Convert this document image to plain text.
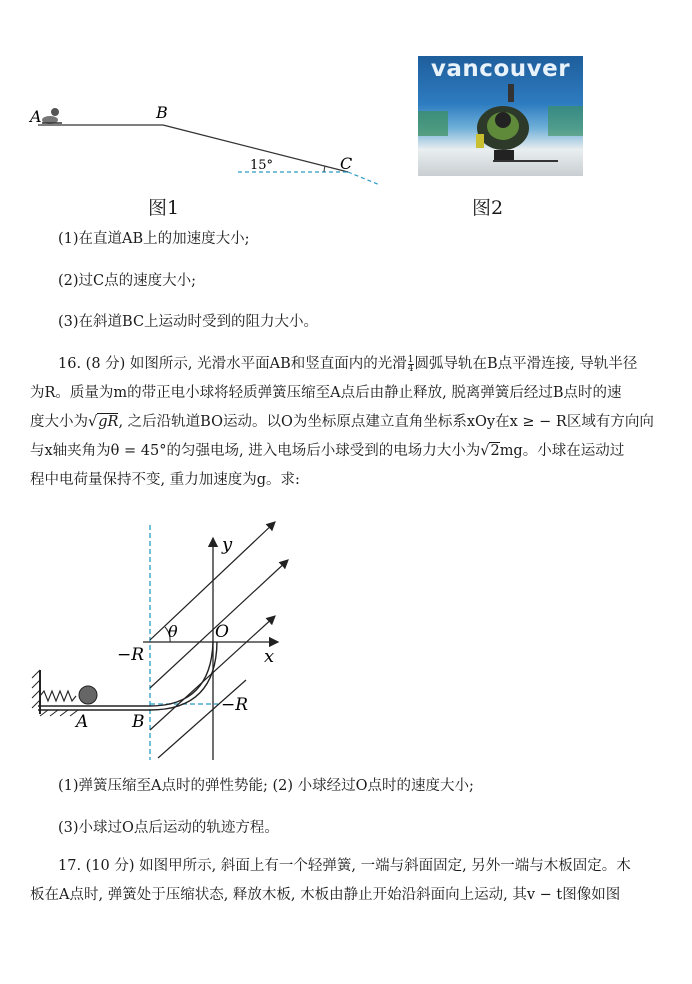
A	B
C
15°
图1
vancouver
图2
(1)在直道AB上的加速度大小;
(2)过C点的速度大小;
(3)在斜道BC上运动时受到的阻力大小。
16. (8 分) 如图所示, 光滑水平面AB和竖直面内的光滑 $\frac{1}{4}$ 圆弧导轨在B点平滑连接, 导轨半径
为R。质量为m的带正电小球将轻质弹簧压缩至A点后由静止释放, 脱离弹簧后经过B点时的速
度大小为√gR, 之后沿轨道BO运动。以O为坐标原点建立直角坐标系xOy在x ≥ − R区域有方向向
与x轴夹角为θ = 45°的匀强电场, 进入电场后小球受到的电场力大小为√2mg。小球在运动过
程中电荷量保持不变, 重力加速度为g。求:
y
x
O
θ
−R
−R
A	B
(1)弹簧压缩至A点时的弹性势能; (2) 小球经过O点时的速度大小;
(3)小球过O点后运动的轨迹方程。
17. (10 分) 如图甲所示, 斜面上有一个轻弹簧, 一端与斜面固定, 另外一端与木板固定。木
板在A点时, 弹簧处于压缩状态, 释放木板, 木板由静止开始沿斜面向上运动, 其v − t图像如图
